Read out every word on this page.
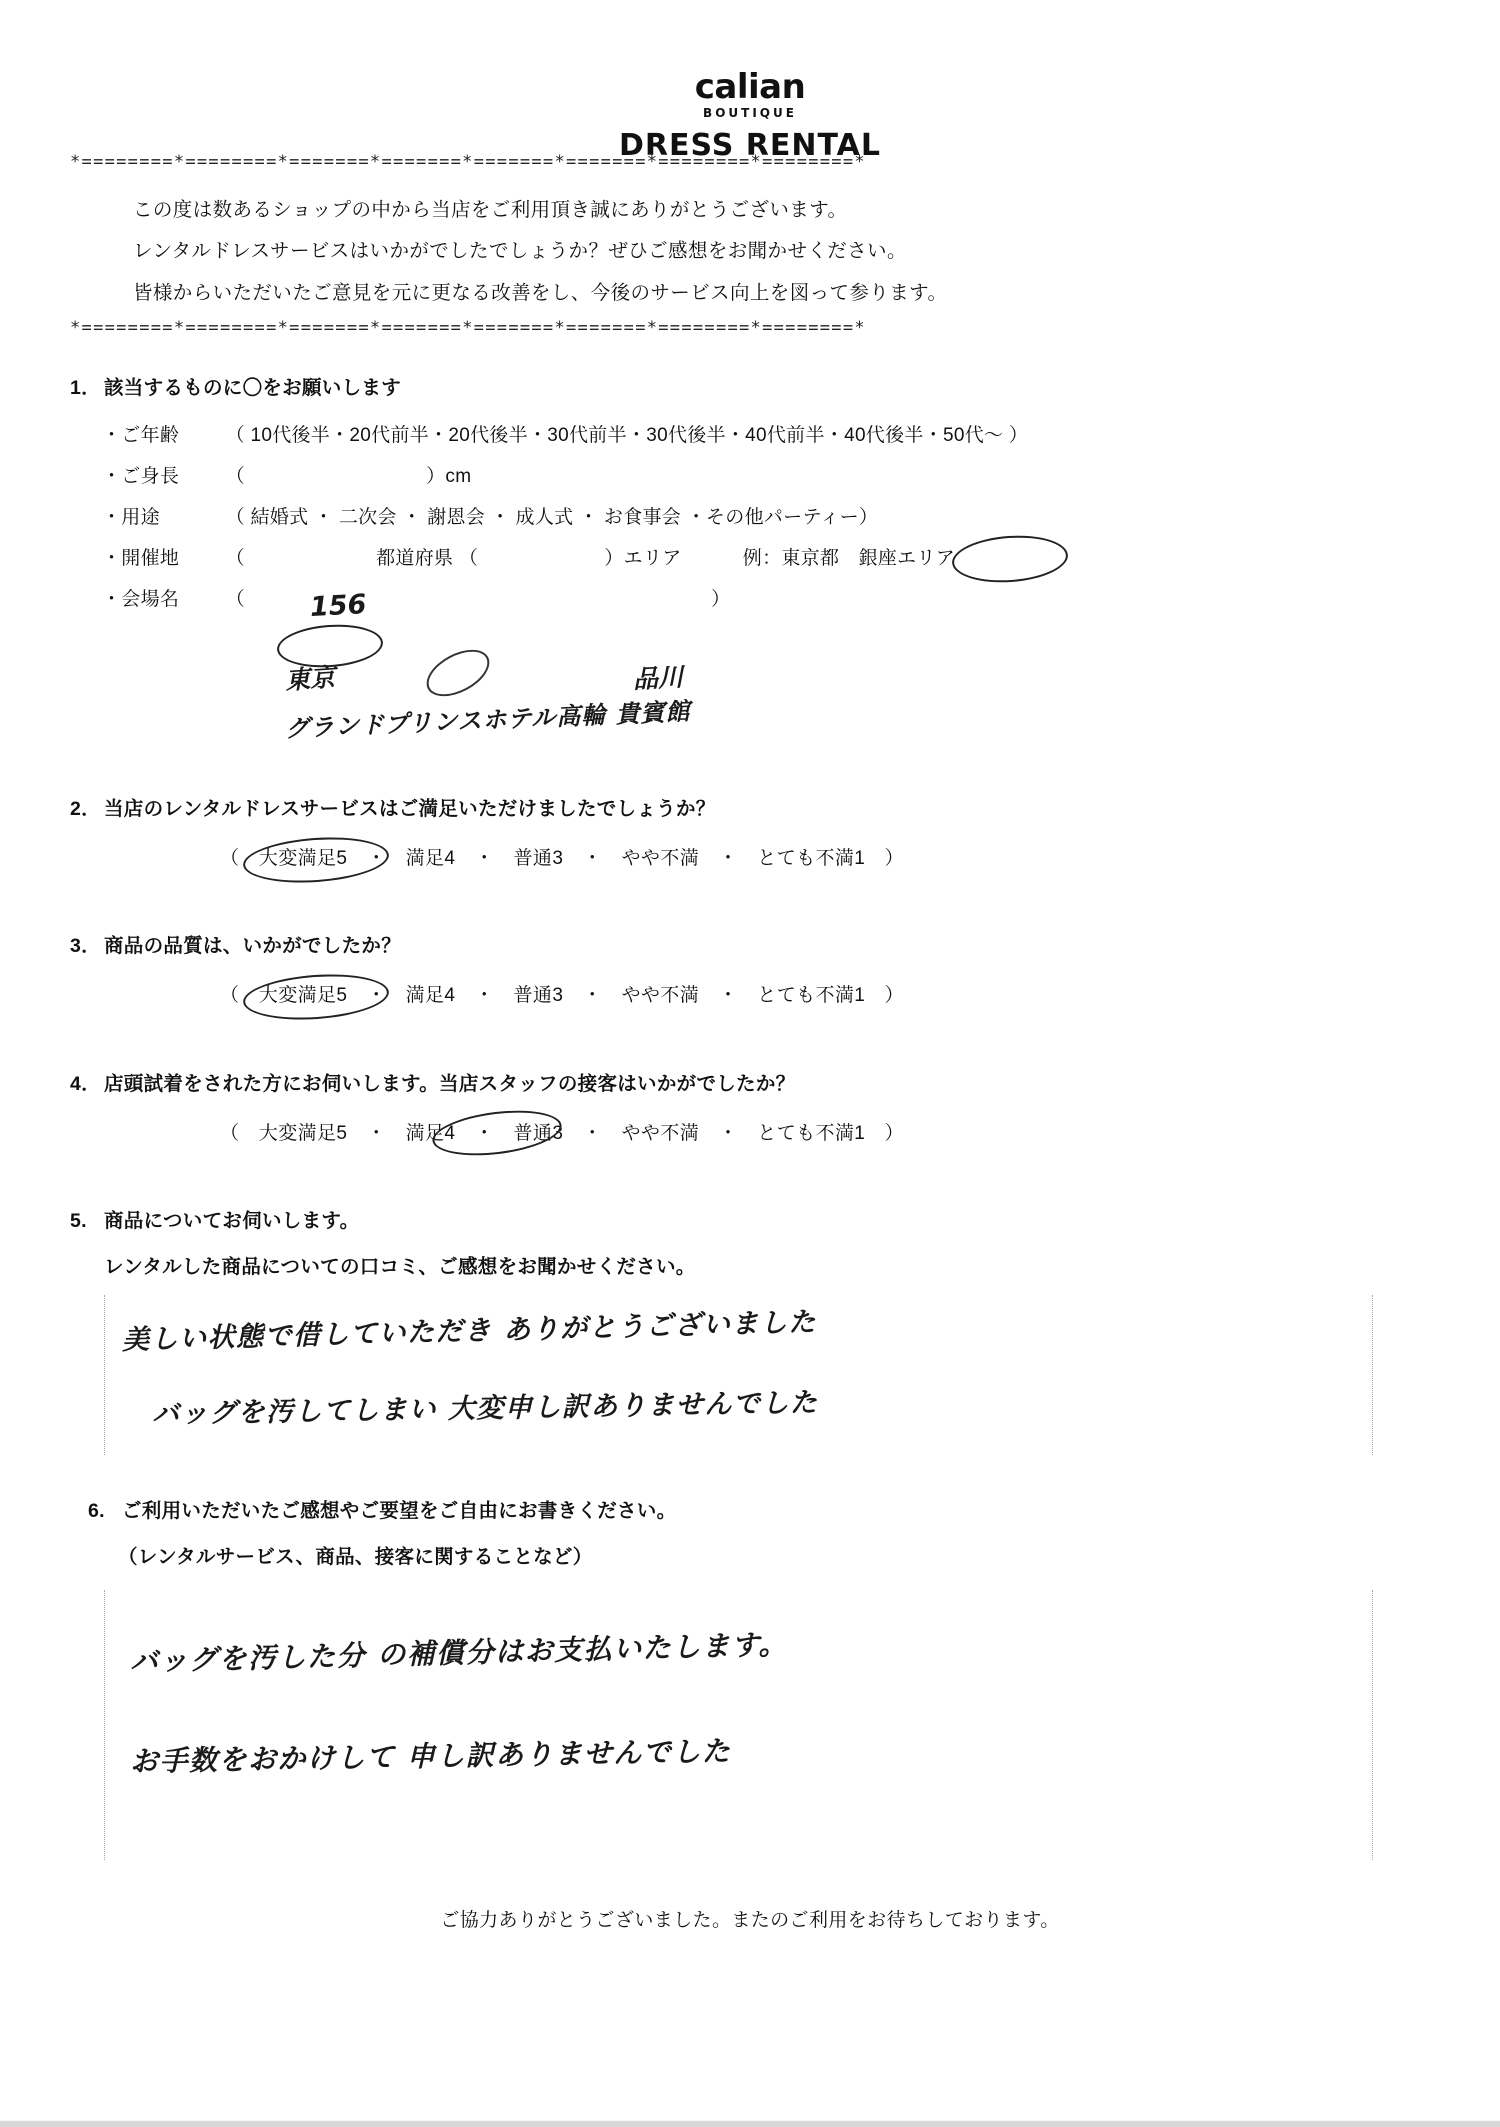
calian
BOUTIQUE
DRESS RENTAL
*========*========*=======*=======*=======*=======*========*========*

この度は数あるショップの中から当店をご利用頂き誠にありがとうございます。

レンタルドレスサービスはいかがでしたでしょうか？ぜひご感想をお聞かせください。

皆様からいただいたご意見を元に更なる改善をし、今後のサービス向上を図って参ります。

*========*========*=======*=======*=======*=======*========*========*
1． 該当するものに〇をお願いします
・ご年齢 （ 10代後半・20代前半・20代後半・30代前半・30代後半・40代前半・40代後半・50代～ ）
・ご身長 （	）cm
・用途	（ 結婚式 ・ 二次会 ・ 謝恩会 ・ 成人式 ・ お食事会 ・その他パーティー）
・開催地 （	都道府県 （	）エリア	例：東京都　銀座エリア
・会場名 （	）
156
東京	品川
グランドプリンスホテル高輪 貴賓館
2． 当店のレンタルドレスサービスはご満足いただけましたでしょうか？
（　大変満足5　・　満足4　・　普通3　・　やや不満　・　とても不満1　）
3． 商品の品質は、いかがでしたか？
（　大変満足5　・　満足4　・　普通3　・　やや不満　・　とても不満1　）
4． 店頭試着をされた方にお伺いします。当店スタッフの接客はいかがでしたか？
（　大変満足5　・　満足4　・　普通3　・　やや不満　・　とても不満1　）
5. 商品についてお伺いします。
レンタルした商品についての口コミ、ご感想をお聞かせください。
美しい状態で借していただき ありがとうございました
バッグを汚してしまい 大変申し訳ありませんでした
6. ご利用いただいたご感想やご要望をご自由にお書きください。
（レンタルサービス、商品、接客に関することなど）
バッグを汚した分 の補償分はお支払いたします。
お手数をおかけして 申し訳ありませんでした
ご協力ありがとうございました。またのご利用をお待ちしております。
